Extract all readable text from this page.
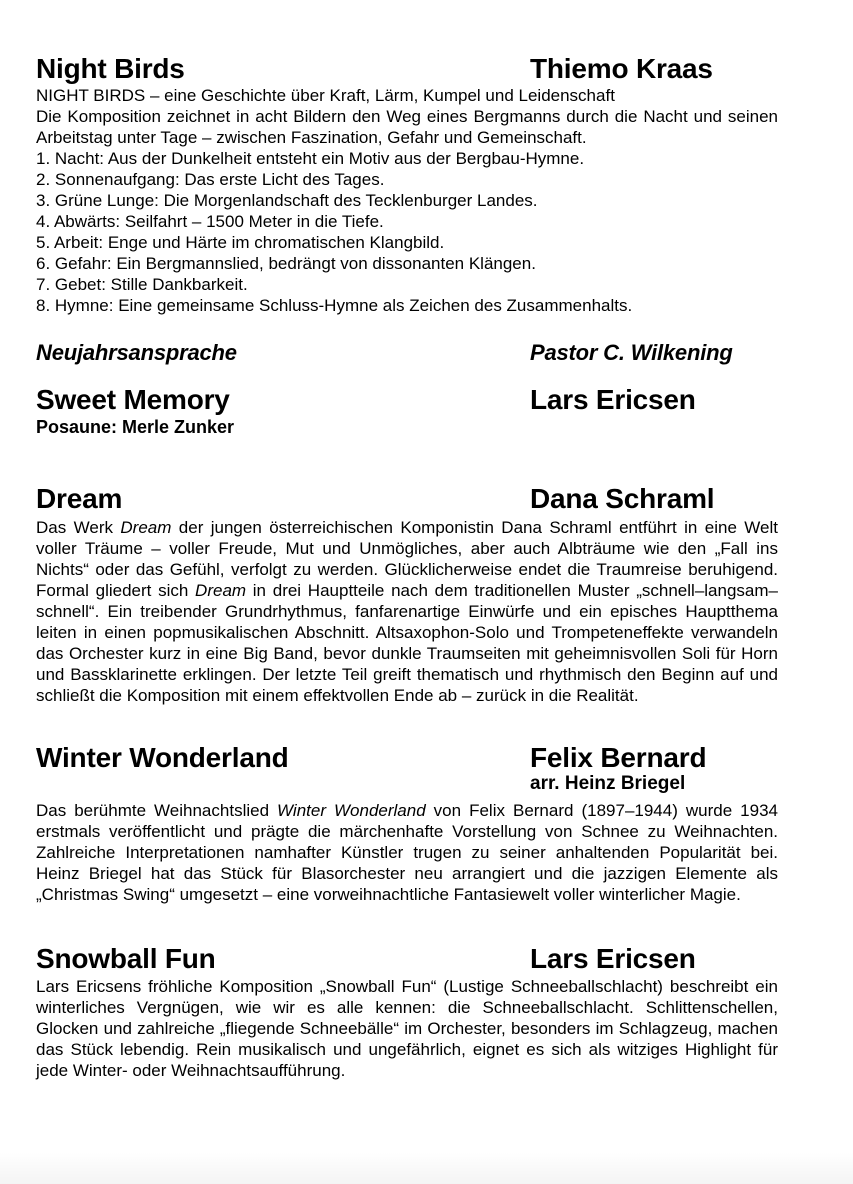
Night Birds	Thiemo Kraas
NIGHT BIRDS – eine Geschichte über Kraft, Lärm, Kumpel und Leidenschaft

Die Komposition zeichnet in acht Bildern den Weg eines Bergmanns durch die Nacht und seinen Arbeitstag unter Tage – zwischen Faszination, Gefahr und Gemeinschaft.

1. Nacht: Aus der Dunkelheit entsteht ein Motiv aus der Bergbau-Hymne.
2. Sonnenaufgang: Das erste Licht des Tages.
3. Grüne Lunge: Die Morgenlandschaft des Tecklenburger Landes.
4. Abwärts: Seilfahrt – 1500 Meter in die Tiefe.
5. Arbeit: Enge und Härte im chromatischen Klangbild.
6. Gefahr: Ein Bergmannslied, bedrängt von dissonanten Klängen.
7. Gebet: Stille Dankbarkeit.
8. Hymne: Eine gemeinsame Schluss-Hymne als Zeichen des Zusammenhalts.
Neujahrsansprache	Pastor C. Wilkening
Sweet Memory	Lars Ericsen
Posaune: Merle Zunker
Dream	Dana Schraml

Das Werk Dream der jungen österreichischen Komponistin Dana Schraml entführt in eine Welt voller Träume – voller Freude, Mut und Unmögliches, aber auch Albträume wie den „Fall ins Nichts“ oder das Gefühl, verfolgt zu werden. Glücklicherweise endet die Traumreise beruhigend. Formal gliedert sich Dream in drei Hauptteile nach dem traditionellen Muster „schnell–langsam–schnell“. Ein treibender Grundrhythmus, fanfarenartige Einwürfe und ein episches Hauptthema leiten in einen popmusikalischen Abschnitt. Altsaxophon-Solo und Trompeteneffekte verwandeln das Orchester kurz in eine Big Band, bevor dunkle Traumseiten mit geheimnisvollen Soli für Horn und Bassklarinette erklingen. Der letzte Teil greift thematisch und rhythmisch den Beginn auf und schließt die Komposition mit einem effektvollen Ende ab – zurück in die Realität.

Winter Wonderland	Felix Bernard
arr. Heinz Briegel

Das berühmte Weihnachtslied Winter Wonderland von Felix Bernard (1897–1944) wurde 1934 erstmals veröffentlicht und prägte die märchenhafte Vorstellung von Schnee zu Weihnachten. Zahlreiche Interpretationen namhafter Künstler trugen zu seiner anhaltenden Popularität bei. Heinz Briegel hat das Stück für Blasorchester neu arrangiert und die jazzigen Elemente als „Christmas Swing“ umgesetzt – eine vorweihnachtliche Fantasiewelt voller winterlicher Magie.

Snowball Fun	Lars Ericsen

Lars Ericsens fröhliche Komposition „Snowball Fun“ (Lustige Schneeballschlacht) beschreibt ein winterliches Vergnügen, wie wir es alle kennen: die Schneeballschlacht. Schlittenschellen, Glocken und zahlreiche „fliegende Schneebälle“ im Orchester, besonders im Schlagzeug, machen das Stück lebendig. Rein musikalisch und ungefährlich, eignet es sich als witziges Highlight für jede Winter- oder Weihnachtsaufführung.
